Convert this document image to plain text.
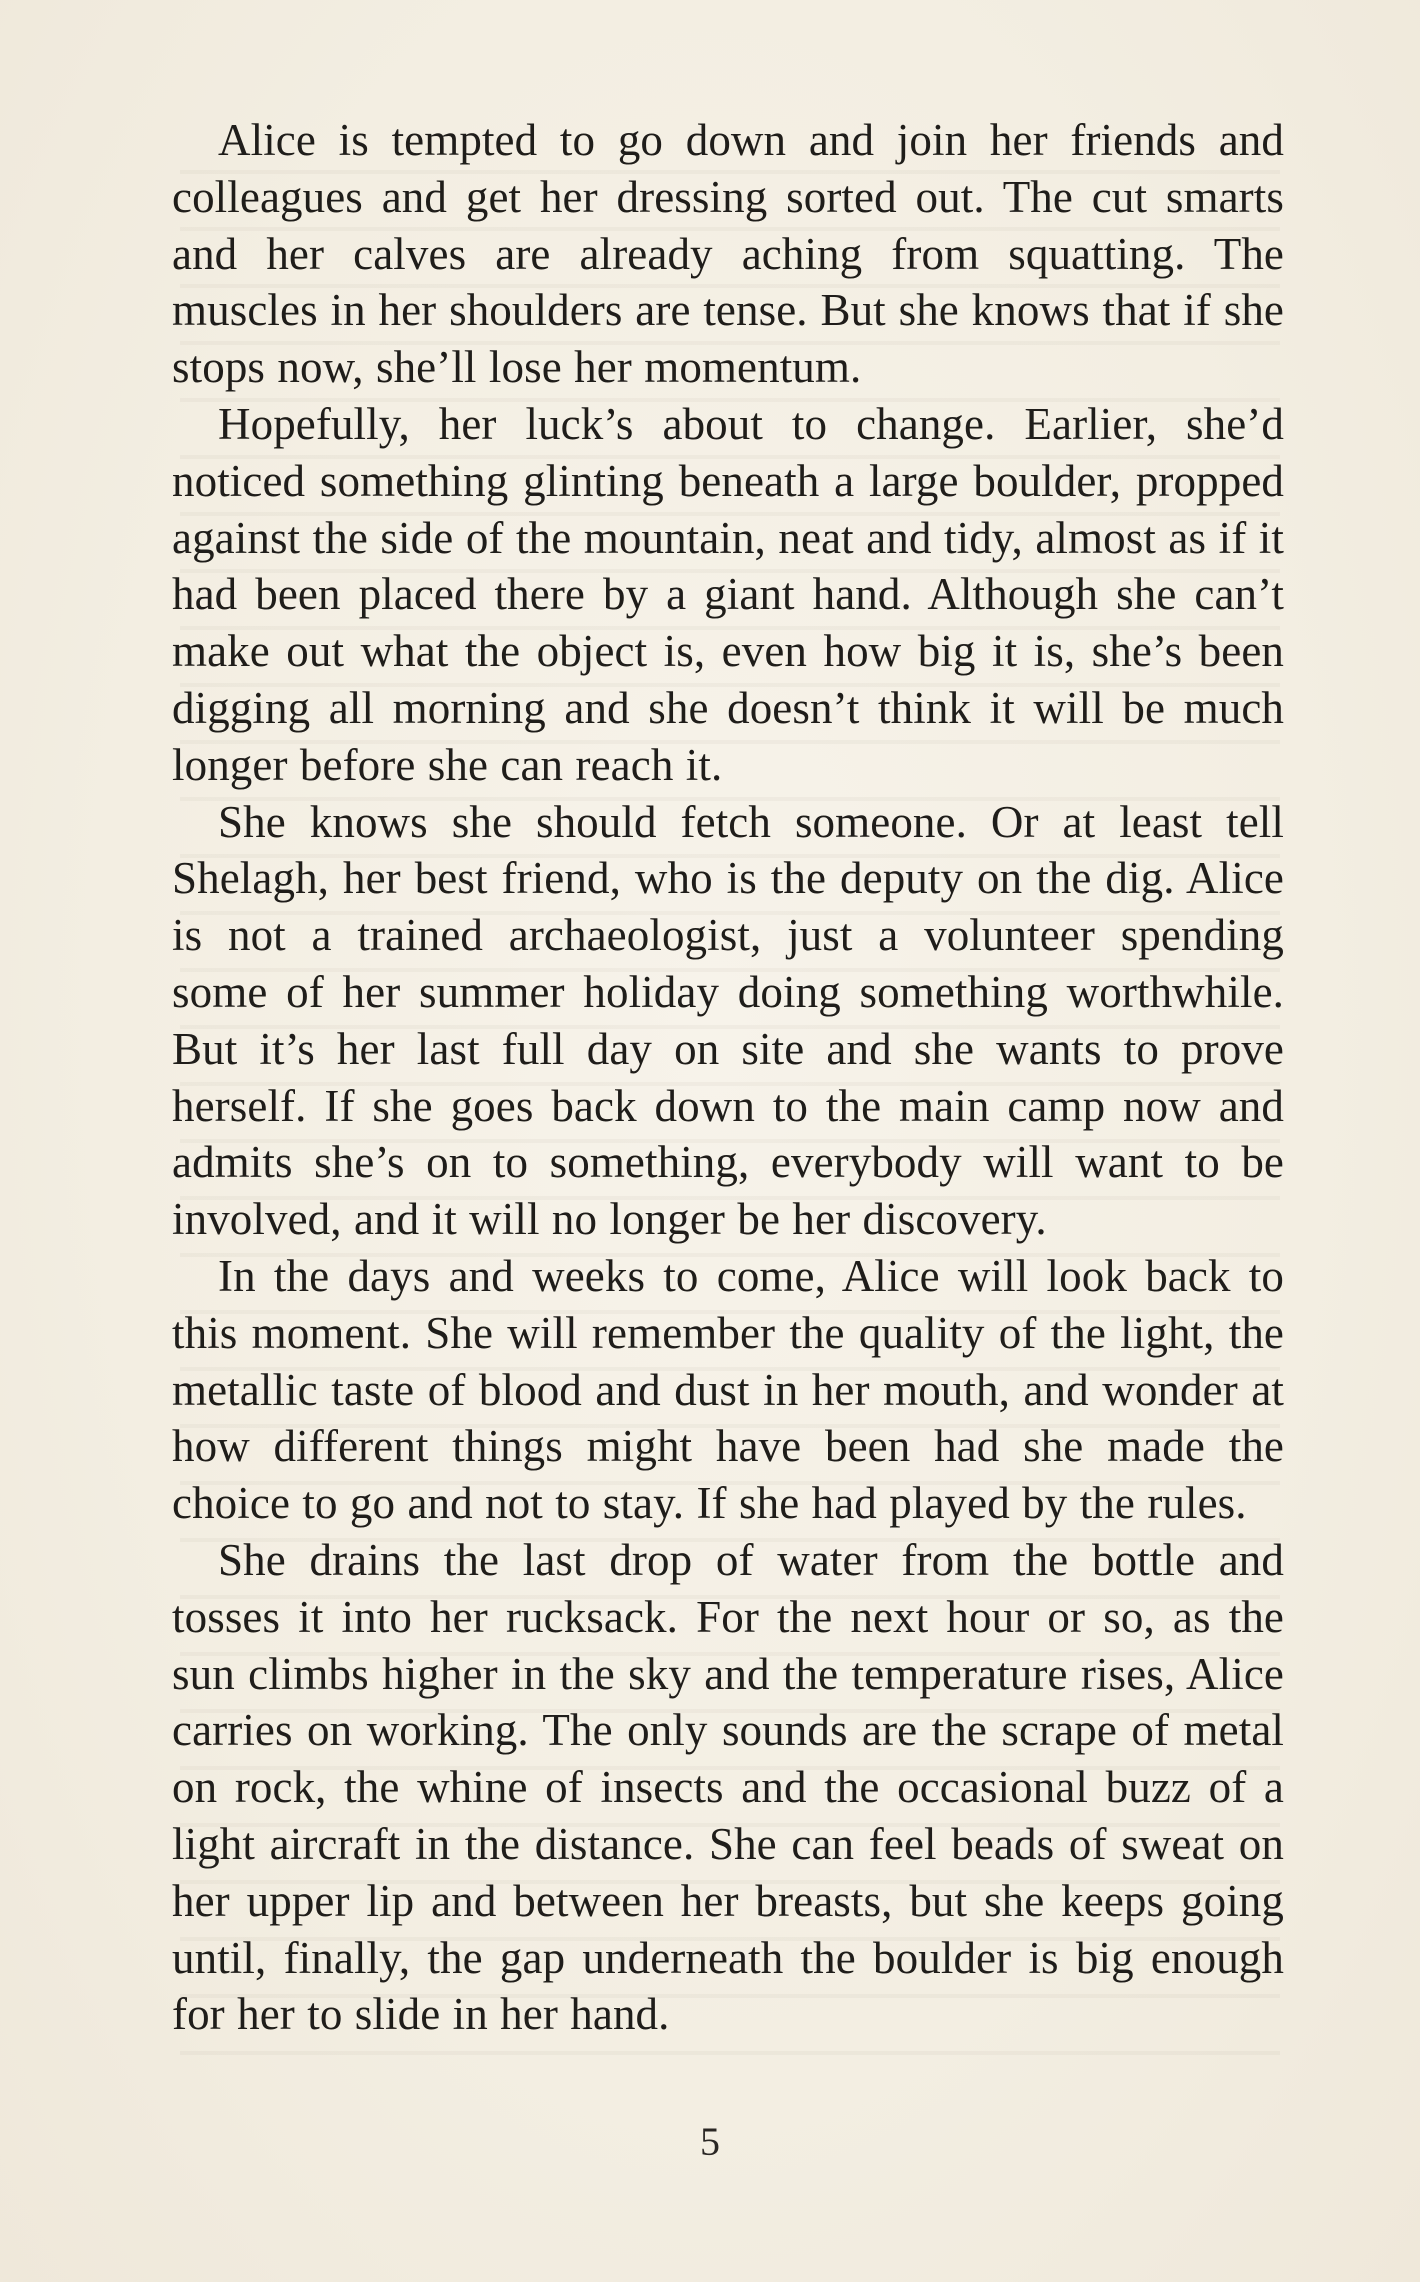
Alice is tempted to go down and join her friends and colleagues and get her dressing sorted out. The cut smarts and her calves are already aching from squatting. The muscles in her shoulders are tense. But she knows that if she stops now, she’ll lose her momentum.

Hopefully, her luck’s about to change. Earlier, she’d noticed something glinting beneath a large boulder, propped against the side of the mountain, neat and tidy, almost as if it had been placed there by a giant hand. Although she can’t make out what the object is, even how big it is, she’s been digging all morning and she doesn’t think it will be much longer before she can reach it.

She knows she should fetch someone. Or at least tell Shelagh, her best friend, who is the deputy on the dig. Alice is not a trained archaeologist, just a volunteer spending some of her summer holiday doing something worthwhile. But it’s her last full day on site and she wants to prove herself. If she goes back down to the main camp now and admits she’s on to something, everybody will want to be involved, and it will no longer be her discovery.

In the days and weeks to come, Alice will look back to this moment. She will remember the quality of the light, the metallic taste of blood and dust in her mouth, and wonder at how different things might have been had she made the choice to go and not to stay. If she had played by the rules.

She drains the last drop of water from the bottle and tosses it into her rucksack. For the next hour or so, as the sun climbs higher in the sky and the temperature rises, Alice carries on working. The only sounds are the scrape of metal on rock, the whine of insects and the occasional buzz of a light aircraft in the distance. She can feel beads of sweat on her upper lip and between her breasts, but she keeps going until, finally, the gap underneath the boulder is big enough for her to slide in her hand.

5
